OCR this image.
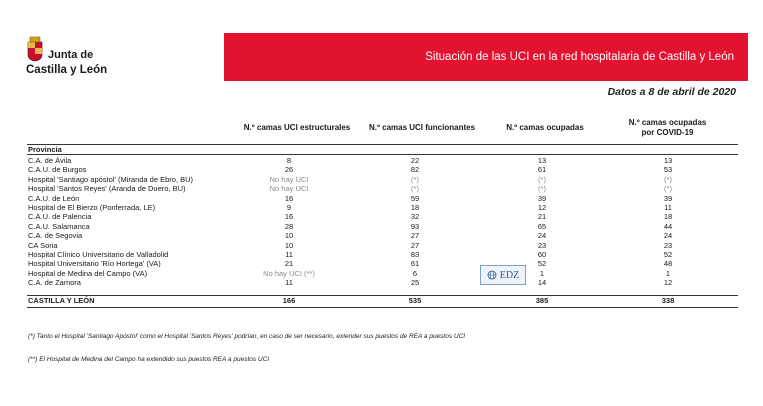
Junta de
Castilla y León
Situación de las UCI en la red hospitalaria de Castilla y León
Datos a 8 de abril de 2020
N.º camas UCI estructurales	N.º camas UCI funcionantes	N.º camas ocupadas
N.º camas ocupadas
por COVID-19
Provincia
C.A. de Ávila	8	22	13	13
C.A.U. de Burgos	26	82	61	53
Hospital 'Santiago apóstol' (Miranda de Ebro, BU)	No hay UCI	(*)	(*)	(*)
Hospital 'Santos Reyes' (Aranda de Duero, BU)	No hay UCI	(*)	(*)	(*)
C.A.U. de León	16	59	39	39
Hospital de El Bierzo (Ponferrada, LE)	9	18	12	11
C.A.U. de Palencia	16	32	21	18
C.A.U. Salamanca	28	93	65	44
C.A. de Segovia	10	27	24	24
CA Soria	10	27	23	23
Hospital Clínico Universitario de Valladolid	11	83	60	52
Hospital Universitario 'Río Hortega' (VA)	21	61	52	48
Hospital de Medina del Campo (VA)	No hay UCI (**)	6	1	1
C.A. de Zamora	11	25	14	12
CASTILLA Y LEÓN	166	535	385	338
EDZ
(*) Tanto el Hospital 'Santiago Apóstol' como el Hospital 'Santos Reyes' podrían, en caso de ser necesario, extender sus puestos de REA a puestos UCI
(**) El Hospital de Medina del Campo ha extendido sus puestos REA a puestos UCI
